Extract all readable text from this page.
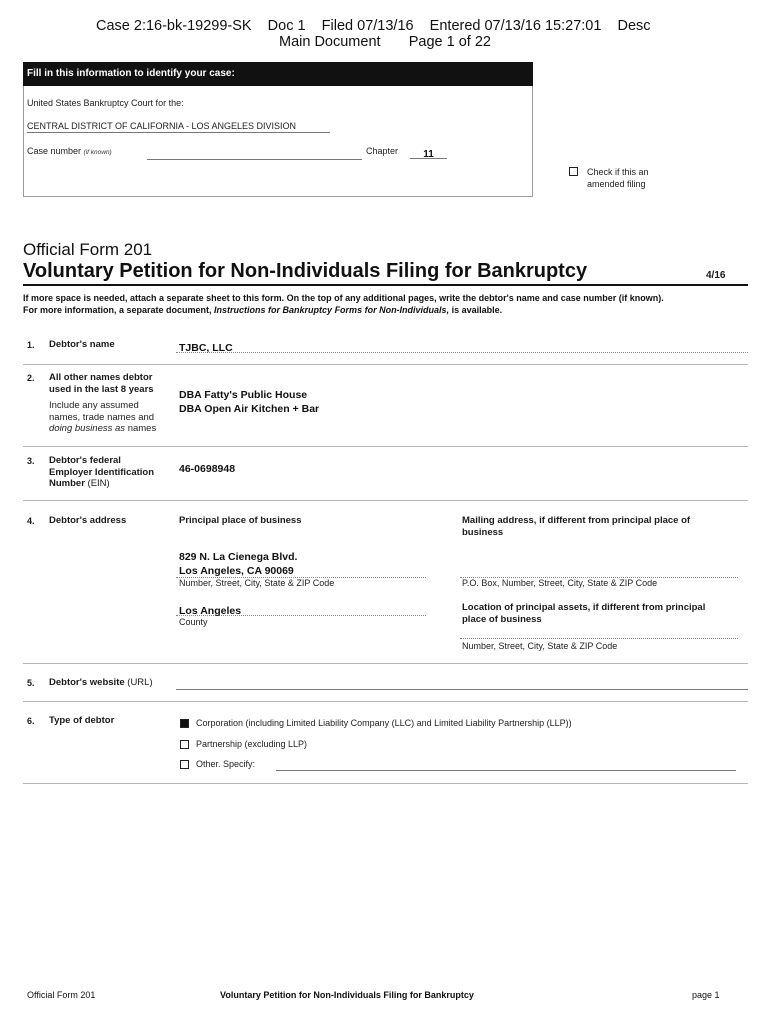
Case 2:16-bk-19299-SK    Doc 1    Filed 07/13/16    Entered 07/13/16 15:27:01    Desc
Main Document       Page 1 of 22
Fill in this information to identify your case:
United States Bankruptcy Court for the:
CENTRAL DISTRICT OF CALIFORNIA - LOS ANGELES DIVISION
Case number (if known)	Chapter	11
Check if this an
amended filing
Official Form 201
Voluntary Petition for Non-Individuals Filing for Bankruptcy	4/16
If more space is needed, attach a separate sheet to this form. On the top of any additional pages, write the debtor's name and case number (if known).
For more information, a separate document, Instructions for Bankruptcy Forms for Non-Individuals, is available.
1. Debtor's name	TJBC, LLC
2. All other names debtor
used in the last 8 years
Include any assumed
names, trade names and
doing business as names
DBA Fatty's Public House
DBA Open Air Kitchen + Bar
3. Debtor's federal
Employer Identification
Number (EIN)
46-0698948
4. Debtor's address	Principal place of business	Mailing address, if different from principal place of
business
829 N. La Cienega Blvd.
Los Angeles, CA 90069
Number, Street, City, State & ZIP Code	P.O. Box, Number, Street, City, State & ZIP Code
Los Angeles
County
Location of principal assets, if different from principal
place of business
Number, Street, City, State & ZIP Code
5. Debtor's website (URL)
6. Type of debtor	Corporation (including Limited Liability Company (LLC) and Limited Liability Partnership (LLP))
Partnership (excluding LLP)
Other. Specify:
Official Form 201	Voluntary Petition for Non-Individuals Filing for Bankruptcy	page 1
